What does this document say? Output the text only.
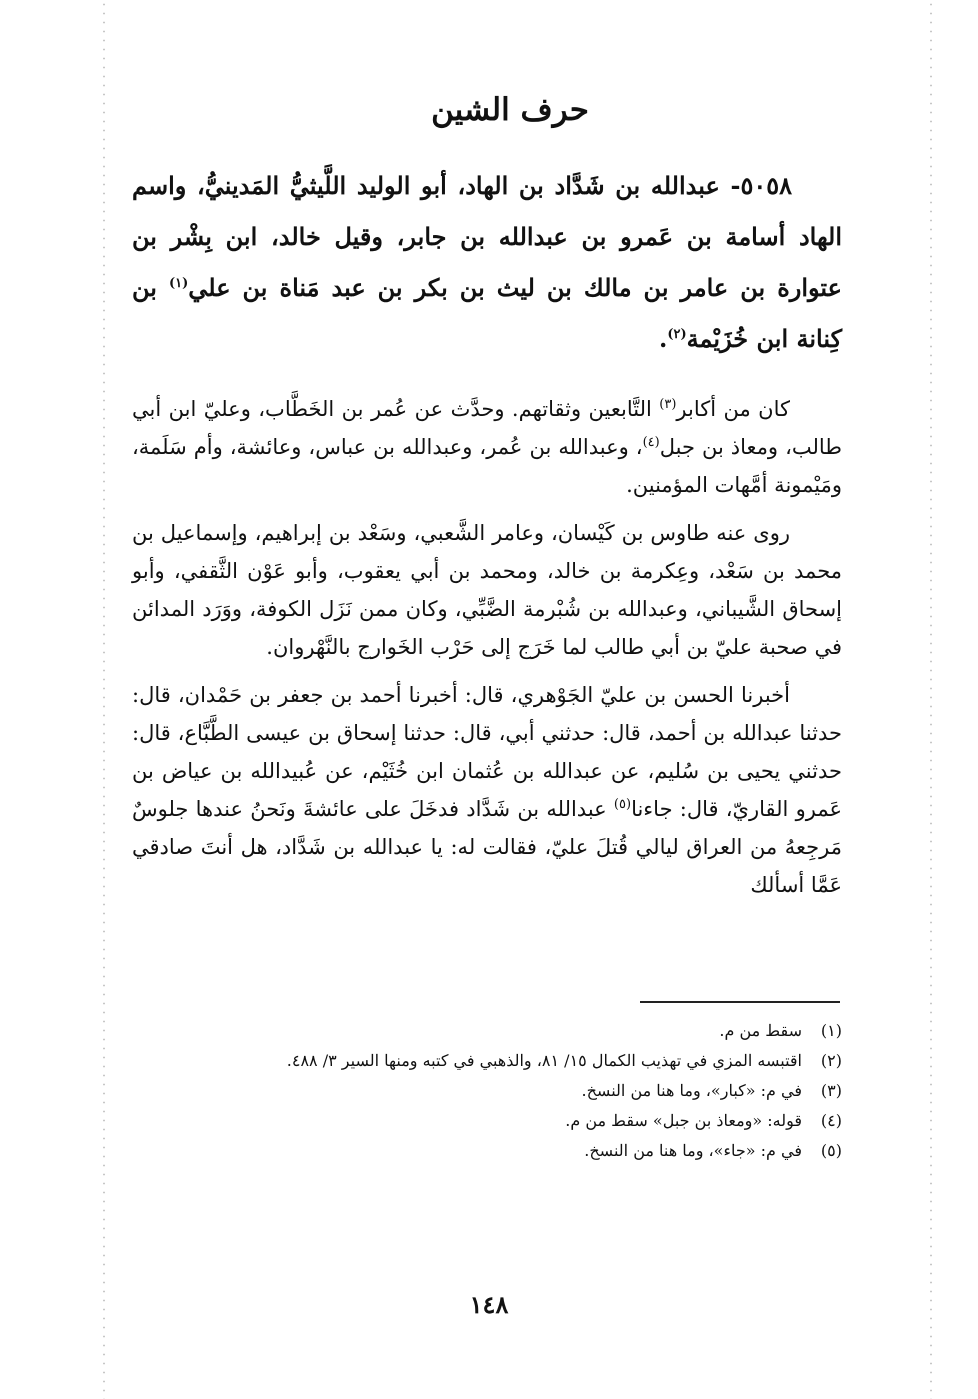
حرف الشين

٥٠٥٨- عبدالله بن شَدَّاد بن الهاد، أبو الوليد اللَّيثيُّ المَدينيُّ، واسم الهاد أسامة بن عَمرو بن عبدالله بن جابر، وقيل خالد، ابن بِشْر بن عتوارة بن عامر بن مالك بن ليث بن بكر بن عبد مَناة بن علي$^{(١)}$ بن كِنانة ابن خُزَيْمة$^{(٢)}$.

كان من أكابر$^{(٣)}$ التَّابعين وثقاتهم. وحدَّث عن عُمر بن الخَطَّاب، وعليّ ابن أبي طالب، ومعاذ بن جبل$^{(٤)}$، وعبدالله بن عُمر، وعبدالله بن عباس، وعائشة، وأم سَلَمة، ومَيْمونة أمَّهات المؤمنين.

روى عنه طاوس بن كَيْسان، وعامر الشَّعبي، وسَعْد بن إبراهيم، وإسماعيل بن محمد بن سَعْد، وعِكرمة بن خالد، ومحمد بن أبي يعقوب، وأبو عَوْن الثَّقفي، وأبو إسحاق الشَّيباني، وعبدالله بن شُبْرمة الضَّبِّي، وكان ممن نَزَل الكوفة، ووَرَد المدائن في صحبة عليّ بن أبي طالب لما خَرَج إلى حَرْب الخَوارج بالنَّهْروان.

أخبرنا الحسن بن عليّ الجَوْهري، قال: أخبرنا أحمد بن جعفر بن حَمْدان، قال: حدثنا عبدالله بن أحمد، قال: حدثني أبي، قال: حدثنا إسحاق بن عيسى الطَّبَّاع، قال: حدثني يحيى بن سُليم، عن عبدالله بن عُثمان ابن خُثَيْم، عن عُبيدالله بن عياض بن عَمرو القاريّ، قال: جاءنا$^{(٥)}$ عبدالله بن شَدَّاد فدخَلَ على عائشةَ ونَحنُ عندها جلوسٌ مَرجِعهُ من العراق ليالي قُتلَ عليّ، فقالت له: يا عبدالله بن شَدَّاد، هل أنتَ صادقي عَمَّا أسألك

(١)
سقط من م.
(٢)
اقتبسه المزي في تهذيب الكمال ١٥/ ٨١، والذهبي في كتبه ومنها السير ٣/ ٤٨٨.
(٣)
في م: «كبار»، وما هنا من النسخ.
(٤)
قوله: «ومعاذ بن جبل» سقط من م.
(٥)
في م: «جاء»، وما هنا من النسخ.
١٤٨
